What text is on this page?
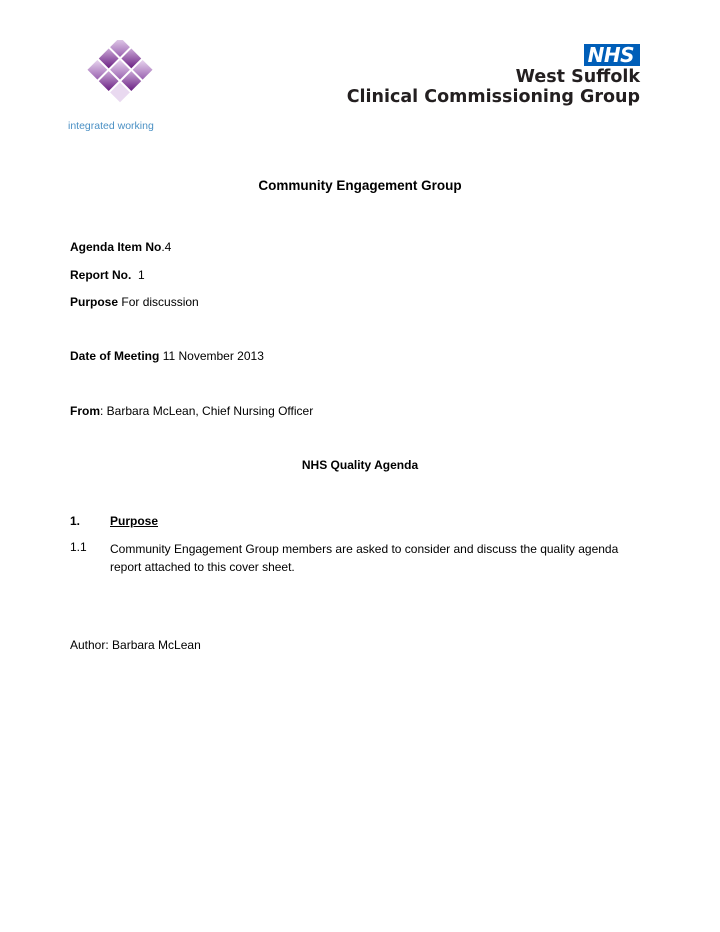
integrated working
NHS
West Suffolk
Clinical Commissioning Group
Community Engagement Group
Agenda Item No.4
Report No. 1
Purpose For discussion
Date of Meeting 11 November 2013
From: Barbara McLean, Chief Nursing Officer
NHS Quality Agenda
1. Purpose
1.1 Community Engagement Group members are asked to consider and discuss the quality agenda report attached to this cover sheet.
Author: Barbara McLean
